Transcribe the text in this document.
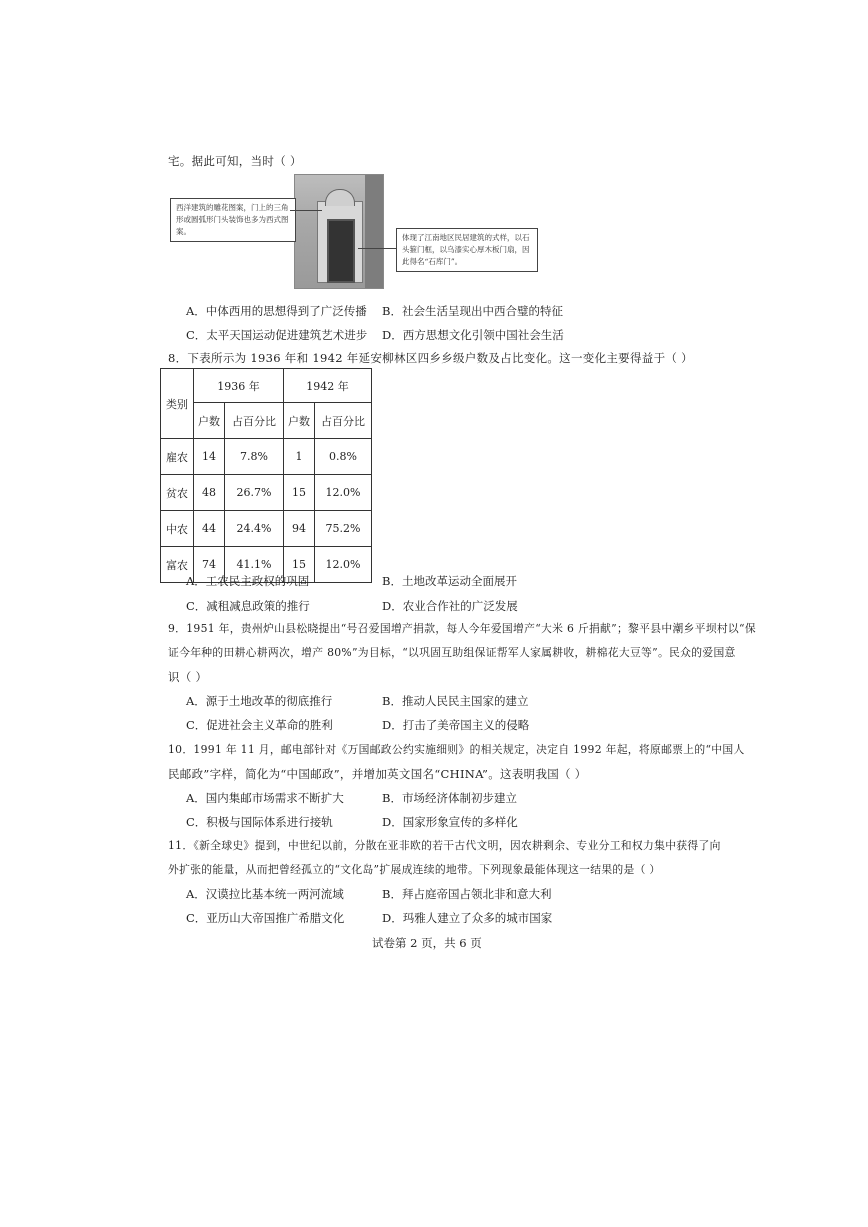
宅。据此可知，当时（ ）
西洋建筑的雕花图案，门上的三角形或圆弧形门头装饰也多为西式图案。
体现了江南地区民居建筑的式样，以石头箍门框，以乌漆实心厚木板门扇，因此得名“石库门”。
A．中体西用的思想得到了广泛传播 B．社会生活呈现出中西合璧的特征
C．太平天国运动促进建筑艺术进步 D．西方思想文化引领中国社会生活
8．下表所示为 1936 年和 1942 年延安柳林区四乡乡级户数及占比变化。这一变化主要得益于（ ）
类别	1936 年		1942 年	
	户数	占百分比	户数	占百分比
雇农	14	7.8%	1	0.8%
贫农	48	26.7%	15	12.0%
中农	44	24.4%	94	75.2%
富农	74	41.1%	15	12.0%
A．工农民主政权的巩固	B．土地改革运动全面展开
C．减租减息政策的推行	D．农业合作社的广泛发展
9．1951 年，贵州炉山县松晓提出“号召爱国增产捐款，每人今年爱国增产“大米 6 斤捐献”；黎平县中潮乡平坝村以“保
证今年种的田耕心耕两次，增产 80%”为目标，“以巩固互助组保证帮军人家属耕收，耕棉花大豆等”。民众的爱国意
识（ ）
A．源于土地改革的彻底推行	B．推动人民民主国家的建立
C．促进社会主义革命的胜利	D．打击了美帝国主义的侵略
10．1991 年 11 月，邮电部针对《万国邮政公约实施细则》的相关规定，决定自 1992 年起，将原邮票上的“中国人
民邮政”字样，简化为“中国邮政”，并增加英文国名“CHINA”。这表明我国（ ）
A．国内集邮市场需求不断扩大	B．市场经济体制初步建立
C．积极与国际体系进行接轨	D．国家形象宣传的多样化
11．《新全球史》提到，中世纪以前，分散在亚非欧的若干古代文明，因农耕剩余、专业分工和权力集中获得了向
外扩张的能量，从而把曾经孤立的“文化岛”扩展成连续的地带。下列现象最能体现这一结果的是（ ）
A．汉谟拉比基本统一两河流域	B．拜占庭帝国占领北非和意大利
C．亚历山大帝国推广希腊文化	D．玛雅人建立了众多的城市国家
试卷第 2 页，共 6 页
